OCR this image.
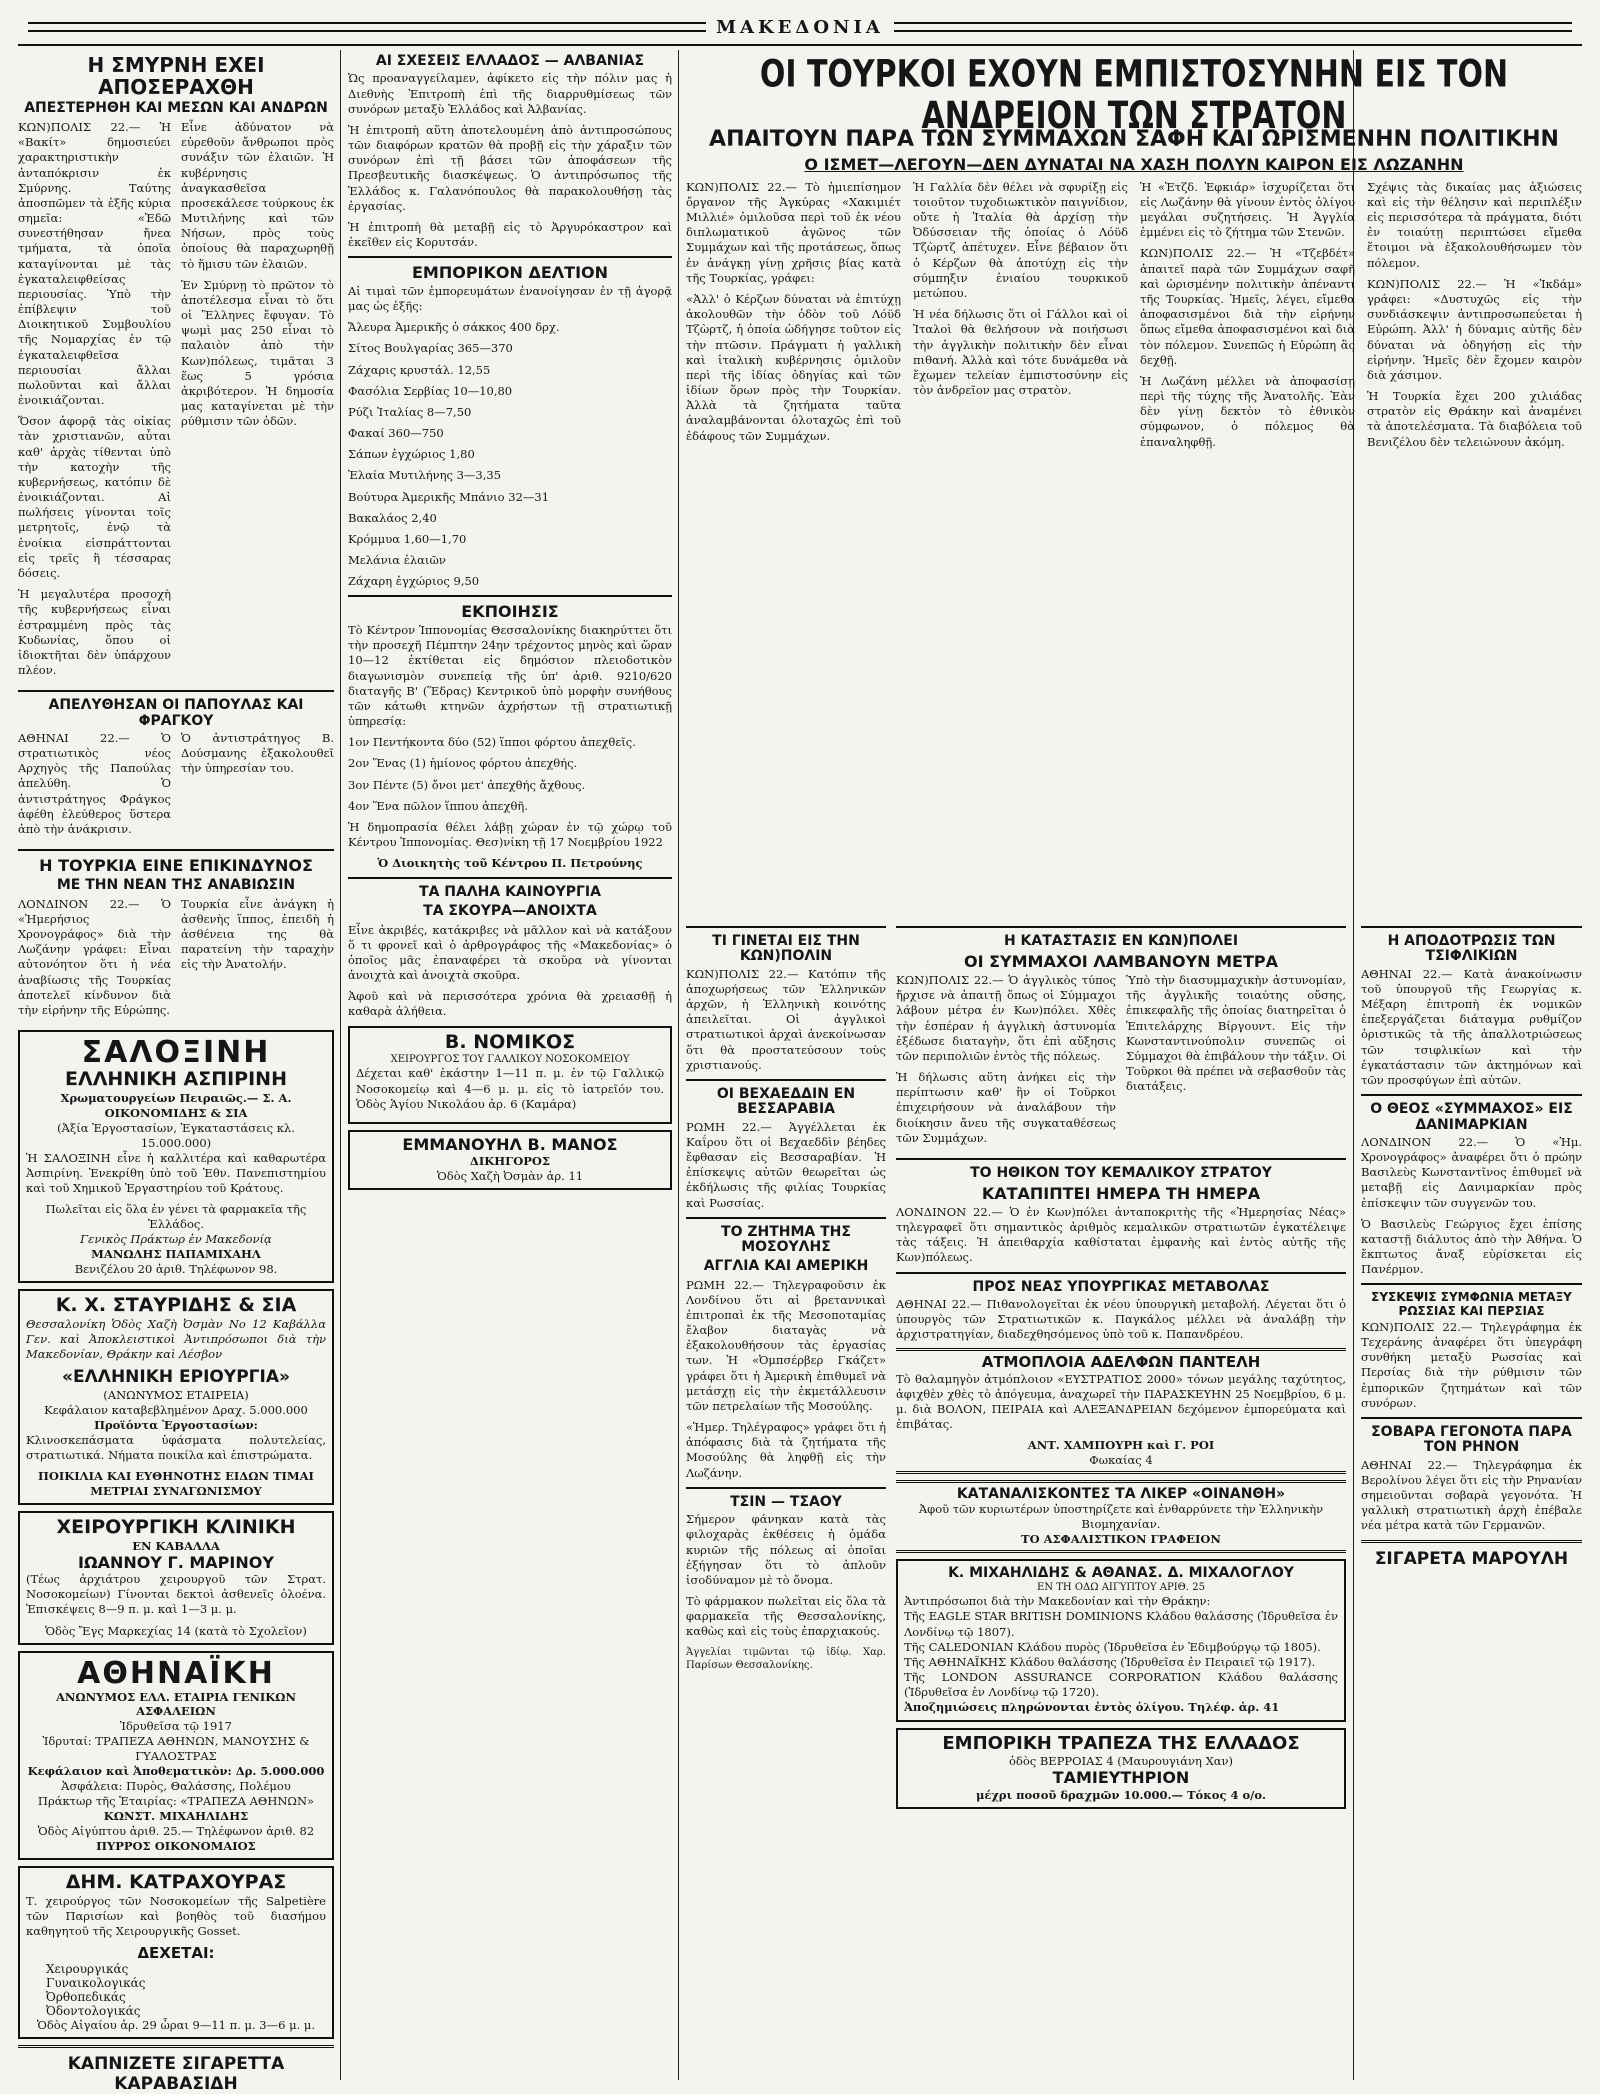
ΜΑΚΕΔΟΝΙΑ
Η ΣΜΥΡΝΗ ΕΧΕΙ ΑΠΟΣΕΡΑΧΘΗ
ΑΠΕΣΤΕΡΗΘΗ ΚΑΙ ΜΕΣΩΝ ΚΑΙ ΑΝΔΡΩΝ

ΚΩΝ)ΠΟΛΙΣ 22.— Ἡ «Βακίτ» δημοσιεύει χαρακτηριστικὴν ἀνταπόκρισιν ἐκ Σμύρνης. Ταύτης ἀποσπῶμεν τὰ ἑξῆς κύρια σημεῖα: «Ἐδῶ συνεστήθησαν ἤνεα τμήματα, τὰ ὁποῖα καταγίνονται μὲ τὰς ἐγκαταλειφθείσας περιουσίας. Ὑπὸ τὴν ἐπίβλεψιν τοῦ Διοικητικοῦ Συμβουλίου τῆς Νομαρχίας ἐν τῷ ἐγκαταλειφθεῖσα περιουσίαι ἄλλαι πωλοῦνται καὶ ἄλλαι ἐνοικιάζονται.

Ὅσον ἀφορᾷ τὰς οἰκίας τὰν χριστιανῶν, αὗται καθ' ἀρχὰς τίθενται ὑπὸ τὴν κατοχὴν τῆς κυβερνήσεως, κατόπιν δὲ ἐνοικιάζονται. Αἱ πωλήσεις γίνονται τοῖς μετρητοῖς, ἐνῷ τὰ ἐνοίκια εἰσπράττονται εἰς τρεῖς ἢ τέσσαρας δόσεις.

Ἡ μεγαλυτέρα προσοχὴ τῆς κυβερνήσεως εἶναι ἐστραμμένη πρὸς τὰς Κυδωνίας, ὅπου οἱ ἰδιοκτῆται δὲν ὑπάρχουν πλέον.

Εἶνε ἀδύνατον νὰ εὐρεθοῦν ἄνθρωποι πρὸς συνάξιν τῶν ἐλαιῶν. Ἡ κυβέρνησις ἀναγκασθεῖσα προσεκάλεσε τούρκους ἐκ Μυτιλήνης καὶ τῶν Νήσων, πρὸς τοὺς ὁποίους θὰ παραχωρηθῇ τὸ ἥμισυ τῶν ἐλαιῶν.

Ἐν Σμύρνῃ τὸ πρῶτον τὸ ἀποτέλεσμα εἶναι τὸ ὅτι οἱ Ἕλληνες ἔφυγαν. Τὸ ψωμὶ μας 250 εἶναι τὸ παλαιὸν ἀπὸ τὴν Κων)πόλεως, τιμᾶται 3 ἕως 5 γρόσια ἀκριβότερον. Ἡ δημοσία μας καταγίνεται μὲ τὴν ρύθμισιν τῶν ὁδῶν.

ΑΠΕΛΥΘΗΣΑΝ ΟΙ ΠΑΠΟΥΛΑΣ ΚΑΙ ΦΡΑΓΚΟΥ

ΑΘΗΝΑΙ 22.— Ὁ στρατιωτικὸς νέος Αρχηγὸς τῆς Παπούλας ἀπελύθη. Ὁ ἀντιστράτηγος Φράγκος ἀφέθη ἐλεύθερος ὕστερα ἀπὸ τὴν ἀνάκρισιν.

Ὁ ἀντιστράτηγος Β. Δούσμανης ἐξακολουθεῖ τὴν ὑπηρεσίαν του.

Η ΤΟΥΡΚΙΑ ΕΙΝΕ ΕΠΙΚΙΝΔΥΝΟΣ
ΜΕ ΤΗΝ ΝΕΑΝ ΤΗΣ ΑΝΑΒΙΩΣΙΝ

ΛΟΝΔΙΝΟΝ 22.— Ὁ «Ἠμερήσιος Χρονογράφος» διὰ τὴν Λωζάνην γράφει: Εἶναι αὐτονόητον ὅτι ἡ νέα ἀναβίωσις τῆς Τουρκίας ἀποτελεῖ κίνδυνον διὰ τὴν εἰρήνην τῆς Εὐρώπης.

Τουρκία εἶνε ἀνάγκη ἡ ἀσθενὴς ἵππος, ἐπειδὴ ἡ ἀσθένεια της θὰ παρατείνη τὴν ταραχὴν εἰς τὴν Ἀνατολήν.

ΣΑΛΟΞΙΝΗ
ΕΛΛΗΝΙΚΗ ΑΣΠΙΡΙΝΗ
Χρωματουργείων Πειραιῶς.— Σ. Α. ΟΙΚΟΝΟΜΙΔΗΣ & ΣΙΑ
(Ἀξία Ἐργοστασίων, Ἐγκαταστάσεις κλ. 15.000.000)

Ἡ ΣΑΛΟΞΙΝΗ εἶνε ἡ καλλιτέρα καὶ καθαρωτέρα Ἀσπιρίνη. Ἐνεκρίθη ὑπὸ τοῦ Ἐθν. Πανεπιστημίου καὶ τοῦ Χημικοῦ Ἐργαστηρίου τοῦ Κράτους.

Πωλεῖται εἰς ὅλα ἐν γένει τὰ φαρμακεῖα τῆς Ἑλλάδος.
Γενικὸς Πράκτωρ ἐν Μακεδονίᾳ
ΜΑΝΩΛΗΣ ΠΑΠΑΜΙΧΑΗΛ
Βενιζέλου 20 ἀριθ. Τηλέφωνον 98.
Κ. Χ. ΣΤΑΥΡΙΔΗΣ & ΣΙΑ

Θεσσαλονίκη Ὁδὸς Χαζὴ Ὀσμὰν Νο 12 Καβάλλα Γεν. καὶ Ἀποκλειστικοὶ Ἀντιπρόσωποι διὰ τὴν Μακεδονίαν, Θράκην καὶ Λέσβον

«ΕΛΛΗΝΙΚΗ ΕΡΙΟΥΡΓΙΑ»
(ΑΝΩΝΥΜΟΣ ΕΤΑΙΡΕΙΑ)
Κεφάλαιον καταβεβλημένον Δραχ. 5.000.000
Προϊόντα Ἐργοστασίων:

Κλινοσκεπάσματα ὑφάσματα πολυτελείας, στρατιωτικά. Νήματα ποικίλα καὶ ἐπιστρώματα.

ΠΟΙΚΙΛΙΑ ΚΑΙ ΕΥΘΗΝΟΤΗΣ ΕΙΔΩΝ ΤΙΜΑΙ ΜΕΤΡΙΑΙ ΣΥΝΑΓΩΝΙΣΜΟΥ
ΧΕΙΡΟΥΡΓΙΚΗ ΚΛΙΝΙΚΗ
ΕΝ ΚΑΒΑΛΛΑ
ΙΩΑΝΝΟΥ Γ. ΜΑΡΙΝΟΥ

(Τέως ἀρχιάτρου χειρουργοῦ τῶν Στρατ. Νοσοκομείων) Γίνονται δεκτοὶ ἀσθενεῖς ὁλοένα. Ἐπισκέψεις 8—9 π. μ. καὶ 1—3 μ. μ.

Ὁδὸς Ἔγς Μαρκεχίας 14 (κατὰ τὸ Σχολεῖον)
ΑΘΗΝΑΪΚΗ
ΑΝΩΝΥΜΟΣ ΕΛΛ. ΕΤΑΙΡΙΑ ΓΕΝΙΚΩΝ ΑΣΦΑΛΕΙΩΝ
Ἱδρυθεῖσα τῷ 1917
Ἱδρυταί: ΤΡΑΠΕΖΑ ΑΘΗΝΩΝ, ΜΑΝΟΥΣΗΣ & ΓΥΑΛΟΣΤΡΑΣ
Κεφάλαιον καὶ Ἀποθεματικὸν: Δρ. 5.000.000
Ἀσφάλεια: Πυρὸς, Θαλάσσης, Πολέμου
Πράκτωρ τῆς Ἑταιρίας: «ΤΡΑΠΕΖΑ ΑΘΗΝΩΝ»
ΚΩΝΣΤ. ΜΙΧΑΗΛΙΔΗΣ
Ὁδὸς Αἰγύπτου ἀριθ. 25.— Τηλέφωνον ἀριθ. 82
ΠΥΡΡΟΣ ΟΙΚΟΝΟΜΑΙΟΣ
ΔΗΜ. ΚΑΤΡΑΧΟΥΡΑΣ

Τ. χειρούργος τῶν Νοσοκομείων τῆς Salpetière τῶν Παρισίων καὶ βοηθὸς τοῦ διασήμου καθηγητοῦ τῆς Χειρουργικῆς Gosset.

ΔΕΧΕΤΑΙ:
Χειρουργικάς
Γυναικολογικάς
Ὀρθοπεδικάς
Ὀδοντολογικάς
Ὁδὸς Αἰγαίου ἀρ. 29 ὧραι 9—11 π. μ. 3—6 μ. μ.
ΚΑΠΝΙΖΕΤΕ ΣΙΓΑΡΕΤΤΑ ΚΑΡΑΒΑΣΙΔΗ
ΑΙ ΣΧΕΣΕΙΣ ΕΛΛΑΔΟΣ — ΑΛΒΑΝΙΑΣ

Ὡς προαναγγείλαμεν, ἀφίκετο εἰς τὴν πόλιν μας ἡ Διεθνὴς Ἐπιτροπὴ ἐπὶ τῆς διαρρυθμίσεως τῶν συνόρων μεταξὺ Ἑλλάδος καὶ Ἀλβανίας.

Ἡ ἐπιτροπὴ αὕτη ἀποτελουμένη ἀπὸ ἀντιπροσώπους τῶν διαφόρων κρατῶν θὰ προβῇ εἰς τὴν χάραξιν τῶν συνόρων ἐπὶ τῇ βάσει τῶν ἀποφάσεων τῆς Πρεσβευτικῆς διασκέψεως. Ὁ ἀντιπρόσωπος τῆς Ἑλλάδος κ. Γαλανόπουλος θὰ παρακολουθήσῃ τὰς ἐργασίας.

Ἡ ἐπιτροπὴ θὰ μεταβῇ εἰς τὸ Ἀργυρόκαστρον καὶ ἐκεῖθεν εἰς Κορυτσάν.

ΕΜΠΟΡΙΚΟΝ ΔΕΛΤΙΟΝ

Αἱ τιμαὶ τῶν ἐμπορευμάτων ἐνανοίγησαν ἐν τῇ ἀγορᾷ μας ὡς ἑξῆς:

Ἄλευρα Ἀμερικῆς ὁ σάκκος 400 δρχ.

Σίτος Βουλγαρίας 365—370

Ζάχαρις κρυστάλ. 12,55

Φασόλια Σερβίας 10—10,80

Ρύζι Ἰταλίας 8—7,50

Φακαί 360—750

Σάπων ἐγχώριος 1,80

Ἐλαία Μυτιλήνης 3—3,35

Βούτυρα Ἀμερικῆς Μπάνιο 32—31

Βακαλάος 2,40

Κρόμμυα 1,60—1,70

Μελάνια ἐλαιῶν

Ζάχαρη ἐγχώριος 9,50

ΕΚΠΟΙΗΣΙΣ

Τὸ Κέντρον Ἱππονομίας Θεσσαλονίκης διακηρύττει ὅτι τὴν προσεχῆ Πέμπτην 24ην τρέχοντος μηνὸς καὶ ὥραν 10—12 ἐκτίθεται εἰς δημόσιον πλειοδοτικὸν διαγωνισμὸν συνεπείᾳ τῆς ὑπ' ἀριθ. 9210/620 διαταγῆς Β' (Ἕδρας) Κεντρικοῦ ὑπὸ μορφὴν συνήθους τῶν κάτωθι κτηνῶν ἀχρήστων τῇ στρατιωτικῇ ὑπηρεσίᾳ:

1ον Πεντήκοντα δύο (52) ἵπποι φόρτου ἀπεχθεῖς.

2ον Ἕνας (1) ἡμίονος φόρτου ἀπεχθής.

3ον Πέντε (5) ὄνοι μετ' ἀπεχθής ἄχθους.

4ον Ἕνα πῶλον ἵππου ἀπεχθῆ.

Ἡ δημοπρασία θέλει λάβῃ χώραν ἐν τῷ χώρῳ τοῦ Κέντρου Ἱππονομίας. Θεσ)νίκη τῇ 17 Νοεμβρίου 1922

Ὁ Διοικητὴς τοῦ Κέντρου Π. Πετρούνης
ΤΑ ΠΑΛΗΑ ΚΑΙΝΟΥΡΓΙΑ
ΤΑ ΣΚΟΥΡΑ—ΑΝΟΙΧΤΑ

Εἶνε ἀκριβές, κατάκριβες νὰ μᾶλλον καὶ νὰ κατάξουν ὅ τι φρονεῖ καὶ ὁ ἀρθρογράφος τῆς «Μακεδονίας» ὁ ὁποῖος μᾶς ἐπαναφέρει τὰ σκοῦρα νὰ γίνονται ἀνοιχτὰ καὶ ἀνοιχτὰ σκοῦρα.

Ἀφοῦ καὶ νὰ περισσότερα χρόνια θὰ χρειασθῇ ἡ καθαρὰ ἀλήθεια.

Β. ΝΟΜΙΚΟΣ
ΧΕΙΡΟΥΡΓΟΣ ΤΟΥ ΓΑΛΛΙΚΟΥ ΝΟΣΟΚΟΜΕΙΟΥ

Δέχεται καθ' ἑκάστην 1—11 π. μ. ἐν τῷ Γαλλικῷ Νοσοκομείῳ καὶ 4—6 μ. μ. εἰς τὸ ἰατρεῖόν του. Ὁδὸς Ἁγίου Νικολάου ἀρ. 6 (Καμάρα)

ΕΜΜΑΝΟΥΗΛ Β. ΜΑΝΟΣ
ΔΙΚΗΓΟΡΟΣ
Ὁδὸς Χαζὴ Ὀσμὰν ἀρ. 11
ΟΙ ΤΟΥΡΚΟΙ ΕΧΟΥΝ ΕΜΠΙΣΤΟΣΥΝΗΝ ΕΙΣ ΤΟΝ ΑΝΔΡΕΙΟΝ ΤΩΝ ΣΤΡΑΤΟΝ
ΑΠΑΙΤΟΥΝ ΠΑΡΑ ΤΩΝ ΣΥΜΜΑΧΩΝ ΣΑΦΗ ΚΑΙ ΩΡΙΣΜΕΝΗΝ ΠΟΛΙΤΙΚΗΝ
Ο ΙΣΜΕΤ—ΛΕΓΟΥΝ—ΔΕΝ ΔΥΝΑΤΑΙ ΝΑ ΧΑΣΗ ΠΟΛΥΝ ΚΑΙΡΟΝ ΕΙΣ ΛΩΖΑΝΗΝ

ΚΩΝ)ΠΟΛΙΣ 22.— Τὸ ἡμιεπίσημον ὄργανον τῆς Ἀγκύρας «Χακιμιέτ Μιλλιέ» ὁμιλοῦσα περὶ τοῦ ἐκ νέου διπλωματικοῦ ἀγῶνος τῶν Συμμάχων καὶ τῆς προτάσεως, ὅπως ἐν ἀνάγκῃ γίνῃ χρῆσις βίας κατὰ τῆς Τουρκίας, γράφει:

«Ἀλλ' ὁ Κέρζων δύναται νὰ ἐπιτύχῃ ἀκολουθῶν τὴν ὁδὸν τοῦ Λόϋδ Τζὼρτζ, ἡ ὁποία ὡδήγησε τοῦτον εἰς τὴν πτῶσιν. Πράγματι ἡ γαλλικὴ καὶ ἰταλικὴ κυβέρνησις ὁμιλοῦν περὶ τῆς ἰδίας ὁδηγίας καὶ τῶν ἰδίων ὅρων πρὸς τὴν Τουρκίαν. Ἀλλὰ τὰ ζητήματα ταῦτα ἀναλαμβάνονται ὁλοταχῶς ἐπὶ τοῦ ἐδάφους τῶν Συμμάχων.

Ἡ Γαλλία δὲν θέλει νὰ σφυρίξῃ εἰς τοιοῦτον τυχοδιωκτικὸν παιγνίδιον, οὔτε ἡ Ἰταλία θὰ ἀρχίσῃ τὴν Ὀδύσσειαν τῆς ὁποίας ὁ Λόϋδ Τζὼρτζ ἀπέτυχεν. Εἶνε βέβαιον ὅτι ὁ Κέρζων θὰ ἀποτύχῃ εἰς τὴν σύμπηξιν ἑνιαίου τουρκικοῦ μετώπου.

Ἡ νέα δήλωσις ὅτι οἱ Γάλλοι καὶ οἱ Ἰταλοὶ θὰ θελήσουν νὰ ποιήσωσι τὴν ἀγγλικὴν πολιτικὴν δὲν εἶναι πιθανή. Ἀλλὰ καὶ τότε δυνάμεθα νὰ ἔχωμεν τελείαν ἐμπιστοσύνην εἰς τὸν ἀνδρεῖον μας στρατὸν.

Ἡ «Ἑτζδ. Ἐφκιάρ» ἰσχυρίζεται ὅτι εἰς Λωζάνην θὰ γίνουν ἐντὸς ὀλίγου μεγάλαι συζητήσεις. Ἡ Ἀγγλία ἐμμένει εἰς τὸ ζήτημα τῶν Στενῶν.

ΚΩΝ)ΠΟΛΙΣ 22.— Ἡ «Τζεβδέτ» ἀπαιτεῖ παρὰ τῶν Συμμάχων σαφῆ καὶ ὡρισμένην πολιτικὴν ἀπέναντι τῆς Τουρκίας. Ἡμεῖς, λέγει, εἴμεθα ἀποφασισμένοι διὰ τὴν εἰρήνην ὅπως εἴμεθα ἀποφασισμένοι καὶ διὰ τὸν πόλεμον. Συνεπῶς ἡ Εὐρώπη ἂς δεχθῇ.

Ἡ Λωζάνη μέλλει νὰ ἀποφασίσῃ περὶ τῆς τύχης τῆς Ἀνατολῆς. Ἐὰν δὲν γίνῃ δεκτὸν τὸ ἐθνικὸν σύμφωνον, ὁ πόλεμος θὰ ἐπαναληφθῇ.

Σχέψις τὰς δικαίας μας ἀξιώσεις καὶ εἰς τὴν θέλησιν καὶ περιπλέξιν εἰς περισσότερα τὰ πράγματα, διότι ἐν τοιαύτῃ περιπτώσει εἴμεθα ἕτοιμοι νὰ ἐξακολουθήσωμεν τὸν πόλεμον.

ΚΩΝ)ΠΟΛΙΣ 22.— Ἡ «Ἰκδάμ» γράφει: «Δυστυχῶς εἰς τὴν συνδιάσκεψιν ἀντιπροσωπεύεται ἡ Εὐρώπη. Ἀλλ' ἡ δύναμις αὐτῆς δὲν δύναται νὰ ὁδηγήσῃ εἰς τὴν εἰρήνην. Ἡμεῖς δὲν ἔχομεν καιρὸν διὰ χάσιμον.

Ἡ Τουρκία ἔχει 200 χιλιάδας στρατὸν εἰς Θράκην καὶ ἀναμένει τὰ ἀποτελέσματα. Τὰ διαβόλεια τοῦ Βενιζέλου δὲν τελειώνουν ἀκόμη.

ΤΙ ΓΙΝΕΤΑΙ ΕΙΣ ΤΗΝ ΚΩΝ)ΠΟΛΙΝ

ΚΩΝ)ΠΟΛΙΣ 22.— Κατόπιν τῆς ἀποχωρήσεως τῶν Ἑλληνικῶν ἀρχῶν, ἡ Ἑλληνικὴ κοινότης ἀπειλεῖται. Οἱ ἀγγλικοὶ στρατιωτικοὶ ἀρχαὶ ἀνεκοίνωσαν ὅτι θὰ προστατεύσουν τοὺς χριστιανούς.

ΟΙ ΒΕΧΑΕΔΔΙΝ ΕΝ ΒΕΣΣΑΡΑΒΙΑ

ΡΩΜΗ 22.— Ἀγγέλλεται ἐκ Καΐρου ὅτι οἱ Βεχαεδδὶν βέηδες ἔφθασαν εἰς Βεσσαραβίαν. Ἡ ἐπίσκεψις αὐτῶν θεωρεῖται ὡς ἐκδήλωσις τῆς φιλίας Τουρκίας καὶ Ρωσσίας.

ΤΟ ΖΗΤΗΜΑ ΤΗΣ ΜΟΣΟΥΛΗΣ
ΑΓΓΛΙΑ ΚΑΙ ΑΜΕΡΙΚΗ

ΡΩΜΗ 22.— Τηλεγραφοῦσιν ἐκ Λονδίνου ὅτι αἱ βρεταννικαὶ ἐπιτροπαὶ ἐκ τῆς Μεσοποταμίας ἔλαβον διαταγὰς νὰ ἐξακολουθήσουν τὰς ἐργασίας των. Ἡ «Ὀμπσέρβερ Γκάζετ» γράφει ὅτι ἡ Ἀμερικὴ ἐπιθυμεῖ νὰ μετάσχῃ εἰς τὴν ἐκμετάλλευσιν τῶν πετρελαίων τῆς Μοσούλης.

«Ἡμερ. Τηλέγραφος» γράφει ὅτι ἡ ἀπόφασις διὰ τὰ ζητήματα τῆς Μοσούλης θὰ ληφθῇ εἰς τὴν Λωζάνην.

ΤΣΙΝ — ΤΣΑΟΥ

Σήμερον φάνηκαν κατὰ τὰς φιλοχαρὰς ἐκθέσεις ἡ ὁμάδα κυριῶν τῆς πόλεως αἱ ὁποῖαι ἐξήγησαν ὅτι τὸ ἀπλοῦν ἰσοδύναμον μὲ τὸ ὄνομα.

Τὸ φάρμακον πωλεῖται εἰς ὅλα τὰ φαρμακεῖα τῆς Θεσσαλονίκης, καθὼς καὶ εἰς τοὺς ἐπαρχιακούς.

Ἀγγελίαι τιμῶνται τῷ ἰδίῳ. Χαρ. Παρίσων Θεσσαλονίκης.

Η ΚΑΤΑΣΤΑΣΙΣ ΕΝ ΚΩΝ)ΠΟΛΕΙ
ΟΙ ΣΥΜΜΑΧΟΙ ΛΑΜΒΑΝΟΥΝ ΜΕΤΡΑ

ΚΩΝ)ΠΟΛΙΣ 22.— Ὁ ἀγγλικὸς τύπος ἤρχισε νὰ ἀπαιτῇ ὅπως οἱ Σύμμαχοι λάβουν μέτρα ἐν Κων)πόλει. Χθὲς τὴν ἑσπέραν ἡ ἀγγλικὴ ἀστυνομία ἐξέδωσε διαταγὴν, ὅτι ἐπὶ αὔξησις τῶν περιπολιῶν ἐντὸς τῆς πόλεως.

Ἡ δήλωσις αὕτη ἀνήκει εἰς τὴν περίπτωσιν καθ' ἣν οἱ Τοῦρκοι ἐπιχειρήσουν νὰ ἀναλάβουν τὴν διοίκησιν ἄνευ τῆς συγκαταθέσεως τῶν Συμμάχων.

Ὑπὸ τὴν διασυμμαχικὴν ἀστυνομίαν, τῆς ἀγγλικῆς τοιαύτης οὔσης, ἐπικεφαλῆς τῆς ὁποίας διατηρεῖται ὁ Ἐπιτελάρχης Βίργουντ. Εἰς τὴν Κωνσταντινούπολιν συνεπῶς οἱ Σύμμαχοι θὰ ἐπιβάλουν τὴν τάξιν. Οἱ Τοῦρκοι θὰ πρέπει νὰ σεβασθοῦν τὰς διατάξεις.

ΤΟ ΗΘΙΚΟΝ ΤΟΥ ΚΕΜΑΛΙΚΟΥ ΣΤΡΑΤΟΥ
ΚΑΤΑΠΙΠΤΕΙ ΗΜΕΡΑ ΤΗ ΗΜΕΡΑ

ΛΟΝΔΙΝΟΝ 22.— Ὁ ἐν Κων)πόλει ἀνταποκριτὴς τῆς «Ἡμερησίας Νέας» τηλεγραφεῖ ὅτι σημαντικὸς ἀριθμὸς κεμαλικῶν στρατιωτῶν ἐγκατέλειψε τὰς τάξεις. Ἡ ἀπειθαρχία καθίσταται ἐμφανὴς καὶ ἐντὸς αὐτῆς τῆς Κων)πόλεως.

ΠΡΟΣ ΝΕΑΣ ΥΠΟΥΡΓΙΚΑΣ ΜΕΤΑΒΟΛΑΣ

ΑΘΗΝΑΙ 22.— Πιθανολογεῖται ἐκ νέου ὑπουργικὴ μεταβολή. Λέγεται ὅτι ὁ ὑπουργὸς τῶν Στρατιωτικῶν κ. Παγκάλος μέλλει νὰ ἀναλάβῃ τὴν ἀρχιστρατηγίαν, διαδεχθησόμενος ὑπὸ τοῦ κ. Παπανδρέου.

ΑΤΜΟΠΛΟΙΑ ΑΔΕΛΦΩΝ ΠΑΝΤΕΛΗ

Τὸ θαλαμηγὸν ἀτμόπλοιον «ΕΥΣΤΡΑΤΙΟΣ 2000» τόνων μεγάλης ταχύτητος, ἀφιχθὲν χθὲς τὸ ἀπόγευμα, ἀναχωρεῖ τὴν ΠΑΡΑΣΚΕΥΗΝ 25 Νοεμβρίου, 6 μ. μ. διὰ ΒΟΛΟΝ, ΠΕΙΡΑΙΑ καὶ ΑΛΕΞΑΝΔΡΕΙΑΝ δεχόμενον ἐμπορεύματα καὶ ἐπιβάτας.

ΑΝΤ. ΧΑΜΠΟΥΡΗ καὶ Γ. ΡΟΙ
Φωκαίας 4
ΚΑΤΑΝΑΛΙΣΚΟΝΤΕΣ ΤΑ ΛΙΚΕΡ «ΟΙΝΑΝΘΗ»
Ἀφοῦ τῶν κυριωτέρων ὑποστηρίζετε καὶ ἐνθαρρύνετε τὴν Ἑλληνικὴν Βιομηχανίαν.
ΤΟ ΑΣΦΑΛΙΣΤΙΚΟΝ ΓΡΑΦΕΙΟΝ
Κ. ΜΙΧΑΗΛΙΔΗΣ & ΑΘΑΝΑΣ. Δ. ΜΙΧΑΛΟΓΛΟΥ
ΕΝ ΤΗ ΟΔΩ ΑΙΓΥΠΤΟΥ ΑΡΙΘ. 25

Ἀντιπρόσωποι διὰ τὴν Μακεδονίαν καὶ τὴν Θράκην:

Τῆς EAGLE STAR BRITISH DOMINIONS Κλάδου θαλάσσης (Ἱδρυθεῖσα ἐν Λονδίνῳ τῷ 1807).

Τῆς CALEDONIAN Κλάδου πυρὸς (Ἱδρυθεῖσα ἐν Ἐδιμβούργῳ τῷ 1805).

Τῆς ΑΘΗΝΑΪΚΗΣ Κλάδου θαλάσσης (Ἱδρυθεῖσα ἐν Πειραιεῖ τῷ 1917).

Τῆς LONDON ASSURANCE CORPORATION Κλάδου θαλάσσης (Ἱδρυθεῖσα ἐν Λονδίνῳ τῷ 1720).

Ἀποζημιώσεις πληρώνονται ἐντὸς ὀλίγου. Τηλέφ. ἀρ. 41

ΕΜΠΟΡΙΚΗ ΤΡΑΠΕΖΑ ΤΗΣ ΕΛΛΑΔΟΣ
ὁδὸς ΒΕΡΡΟΙΑΣ 4 (Μαυρουγιάνη Χαν)
ΤΑΜΙΕΥΤΗΡΙΟΝ
μέχρι ποσοῦ δραχμῶν 10.000.— Τόκος 4 ο/ο.
Η ΑΠΟΔΟΤΡΩΣΙΣ ΤΩΝ ΤΣΙΦΛΙΚΙΩΝ

ΑΘΗΝΑΙ 22.— Κατὰ ἀνακοίνωσιν τοῦ ὑπουργοῦ τῆς Γεωργίας κ. Μέξαρη ἐπιτροπὴ ἐκ νομικῶν ἐπεξεργάζεται διάταγμα ρυθμίζον ὁριστικῶς τὰ τῆς ἀπαλλοτριώσεως τῶν τσιφλικίων καὶ τὴν ἐγκατάστασιν τῶν ἀκτημόνων καὶ τῶν προσφύγων ἐπὶ αὐτῶν.

Ο ΘΕΟΣ «ΣΥΜΜΑΧΟΣ» ΕΙΣ ΔΑΝΙΜΑΡΚΙΑΝ

ΛΟΝΔΙΝΟΝ 22.— Ὁ «Ἡμ. Χρονογράφος» ἀναφέρει ὅτι ὁ πρώην Βασιλεὺς Κωνσταντῖνος ἐπιθυμεῖ νὰ μεταβῇ εἰς Δανιμαρκίαν πρὸς ἐπίσκεψιν τῶν συγγενῶν του.

Ὁ Βασιλεὺς Γεώργιος ἔχει ἐπίσης καταστῇ διάλυτος ἀπὸ τὴν Ἀθήνα. Ὁ ἔκπτωτος ἄναξ εὑρίσκεται εἰς Πανέρμον.

ΣΥΣΚΕΨΙΣ ΣΥΜΦΩΝΙΑ ΜΕΤΑΞΥ ΡΩΣΣΙΑΣ ΚΑΙ ΠΕΡΣΙΑΣ

ΚΩΝ)ΠΟΛΙΣ 22.— Τηλεγράφημα ἐκ Τεχεράνης ἀναφέρει ὅτι ὑπεγράφη συνθήκη μεταξὺ Ρωσσίας καὶ Περσίας διὰ τὴν ρύθμισιν τῶν ἐμπορικῶν ζητημάτων καὶ τῶν συνόρων.

ΣΟΒΑΡΑ ΓΕΓΟΝΟΤΑ ΠΑΡΑ ΤΟΝ ΡΗΝΟΝ

ΑΘΗΝΑΙ 22.— Τηλεγράφημα ἐκ Βερολίνου λέγει ὅτι εἰς τὴν Ρηνανίαν σημειοῦνται σοβαρὰ γεγονότα. Ἡ γαλλικὴ στρατιωτικὴ ἀρχὴ ἐπέβαλε νέα μέτρα κατὰ τῶν Γερμανῶν.

ΣΙΓΑΡΕΤΑ ΜΑΡΟΥΛΗ
